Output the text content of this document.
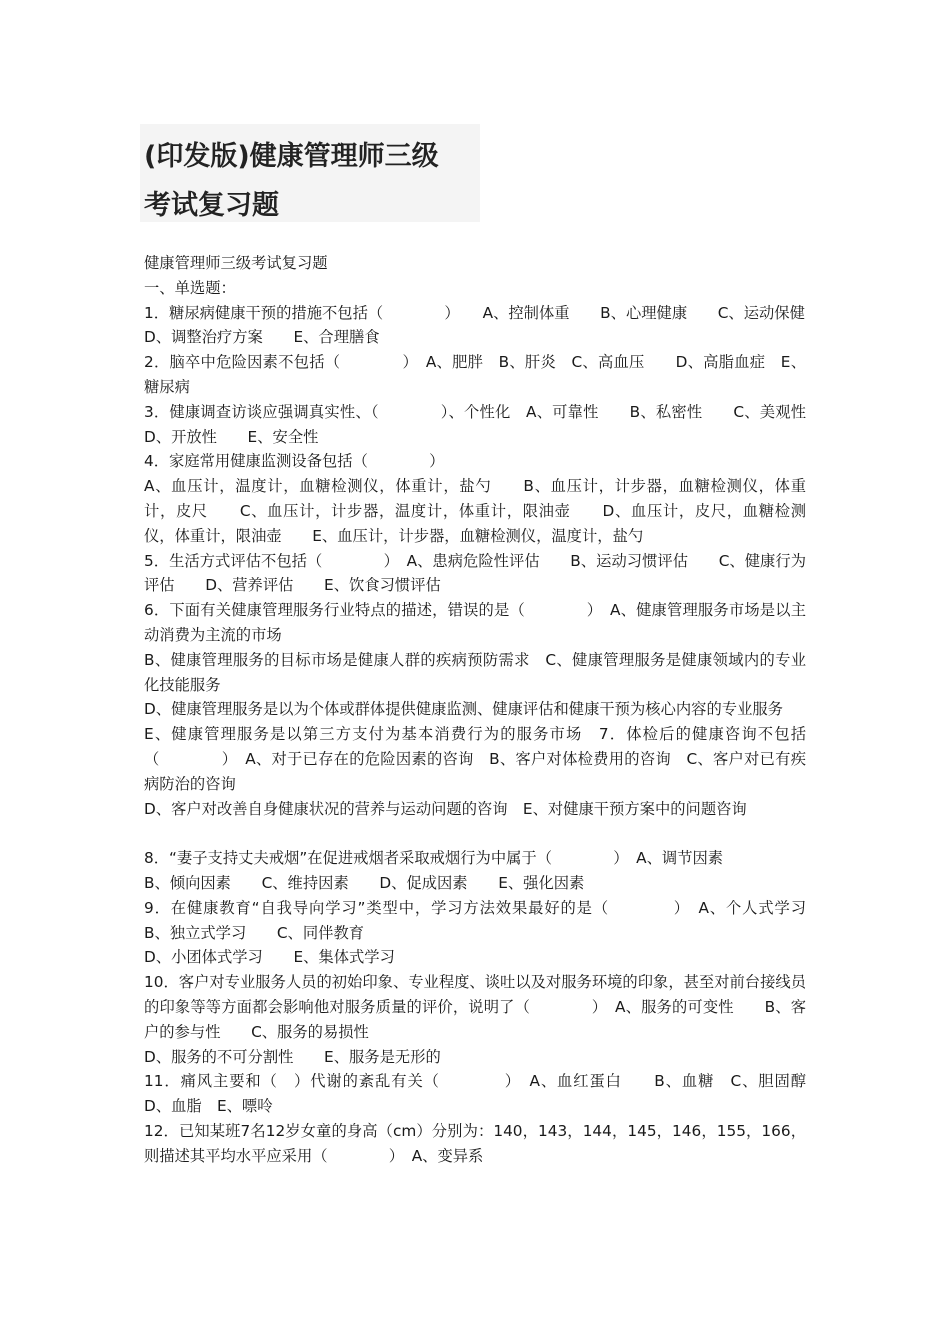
(印发版)健康管理师三级
考试复习题

健康管理师三级考试复习题

一、单选题：

1．糖尿病健康干预的措施不包括（　　　　）　　A、控制体重　　B、心理健康　　C、运动保健

D、调整治疗方案　　E、合理膳食

2．脑卒中危险因素不包括（　　　　）　A、肥胖　B、肝炎　C、高血压　　D、高脂血症　E、糖尿病

3．健康调查访谈应强调真实性、（　　　　）、个性化　A、可靠性　　B、私密性　　C、美观性　　D、开放性　　E、安全性

4．家庭常用健康监测设备包括（　　　　）

A、血压计，温度计，血糖检测仪，体重计，盐勺　　B、血压计，计步器，血糖检测仪，体重计，皮尺　　C、血压计，计步器，温度计，体重计，限油壶　　D、血压计，皮尺，血糖检测仪，体重计，限油壶　　E、血压计，计步器，血糖检测仪，温度计，盐勺

5．生活方式评估不包括（　　　　）　A、患病危险性评估　　B、运动习惯评估　　C、健康行为评估　　D、营养评估　　E、饮食习惯评估

6．下面有关健康管理服务行业特点的描述，错误的是（　　　　）　A、健康管理服务市场是以主动消费为主流的市场

B、健康管理服务的目标市场是健康人群的疾病预防需求　C、健康管理服务是健康领域内的专业化技能服务

D、健康管理服务是以为个体或群体提供健康监测、健康评估和健康干预为核心内容的专业服务

E、健康管理服务是以第三方支付为基本消费行为的服务市场　7．体检后的健康咨询不包括（　　　　）　A、对于已存在的危险因素的咨询　B、客户对体检费用的咨询　C、客户对已有疾病防治的咨询

D、客户对改善自身健康状况的营养与运动问题的咨询　E、对健康干预方案中的问题咨询

8．“妻子支持丈夫戒烟”在促进戒烟者采取戒烟行为中属于（　　　　）　A、调节因素

B、倾向因素　　C、维持因素　　D、促成因素　　E、强化因素

9．在健康教育“自我导向学习”类型中，学习方法效果最好的是（　　　　）　A、个人式学习　　B、独立式学习　　C、同伴教育

D、小团体式学习　　E、集体式学习

10．客户对专业服务人员的初始印象、专业程度、谈吐以及对服务环境的印象，甚至对前台接线员的印象等等方面都会影响他对服务质量的评价，说明了（　　　　）　A、服务的可变性　　B、客户的参与性　　C、服务的易损性

D、服务的不可分割性　　E、服务是无形的

11．痛风主要和（　）代谢的紊乱有关（　　　　）　A、血红蛋白　　B、血糖　C、胆固醇　　D、血脂　E、嘌呤

12．已知某班7名12岁女童的身高（cm）分别为：140，143，144，145，146，155，166，则描述其平均水平应采用（　　　　）　A、变异系
